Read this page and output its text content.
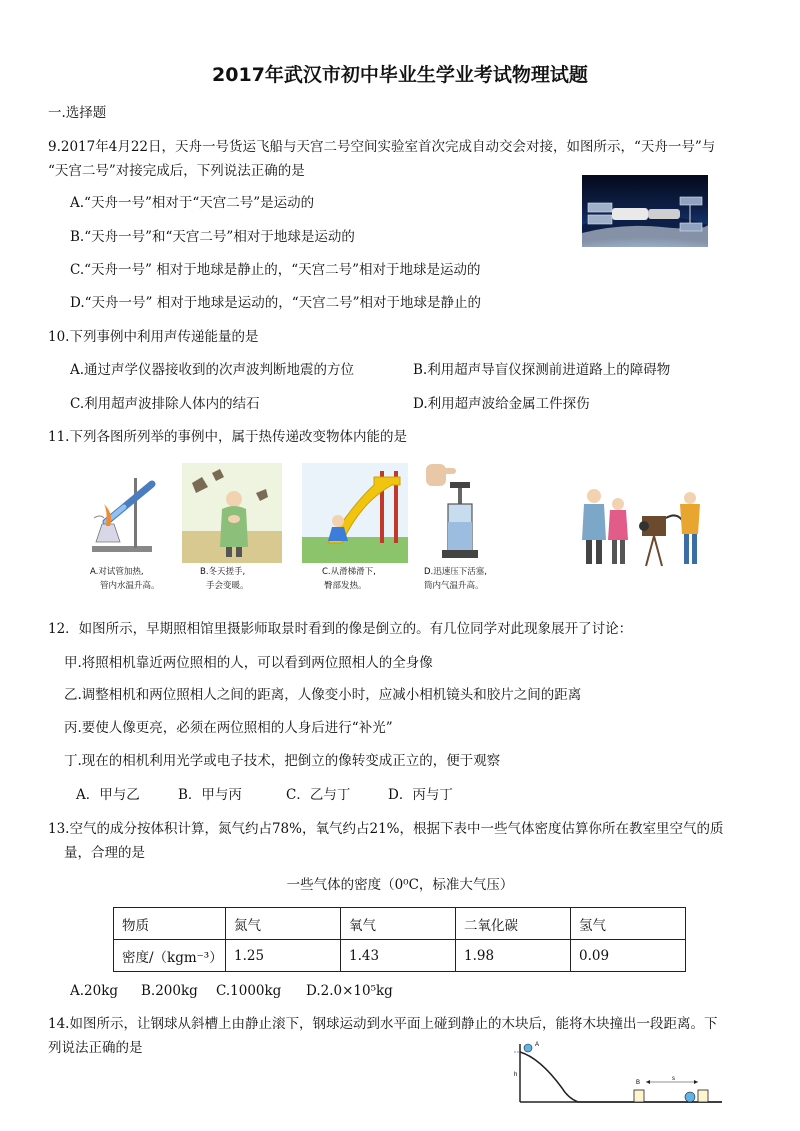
2017年武汉市初中毕业生学业考试物理试题
一.选择题
9.2017年4月22日，天舟一号货运飞船与天宫二号空间实验室首次完成自动交会对接，如图所示，“天舟一号”与
“天宫二号”对接完成后，下列说法正确的是
A.“天舟一号”相对于“天宫二号”是运动的
B.“天舟一号”和“天宫二号”相对于地球是运动的
C.“天舟一号” 相对于地球是静止的，“天宫二号”相对于地球是运动的
D.“天舟一号” 相对于地球是运动的，“天宫二号”相对于地球是静止的
10.下列事例中利用声传递能量的是
A.通过声学仪器接收到的次声波判断地震的方位	B.利用超声导盲仪探测前进道路上的障碍物
C.利用超声波排除人体内的结石	D.利用超声波给金属工件探伤
11.下列各图所列举的事例中，属于热传递改变物体内能的是
A.对试管加热,
管内水温升高。
B.冬天搓手,
手会变暖。
C.从滑梯滑下,
臀部发热。
D.迅速压下活塞,
筒内气温升高。
12．如图所示，早期照相馆里摄影师取景时看到的像是倒立的。有几位同学对此现象展开了讨论：
甲.将照相机靠近两位照相的人，可以看到两位照相人的全身像
乙.调整相机和两位照相人之间的距离，人像变小时，应减小相机镜头和胶片之间的距离
丙.要使人像更亮，必须在两位照相的人身后进行“补光”
丁.现在的相机利用光学或电子技术，把倒立的像转变成正立的，便于观察
A．甲与乙	B．甲与丙	C．乙与丁	D．丙与丁
13.空气的成分按体积计算，氮气约占78%，氧气约占21%，根据下表中一些气体密度估算你所在教室里空气的质
量，合理的是
一些气体的密度（0⁰C，标准大气压）
物质	氮气	氧气	二氧化碳	氢气
密度/（kgm⁻³）	1.25	1.43	1.98	0.09
A.20kg B.200kg C.1000kg D.2.0×10⁵kg
14.如图所示，让钢球从斜槽上由静止滚下，钢球运动到水平面上碰到静止的木块后，能将木块撞出一段距离。下
列说法正确的是	A
h
B
s
